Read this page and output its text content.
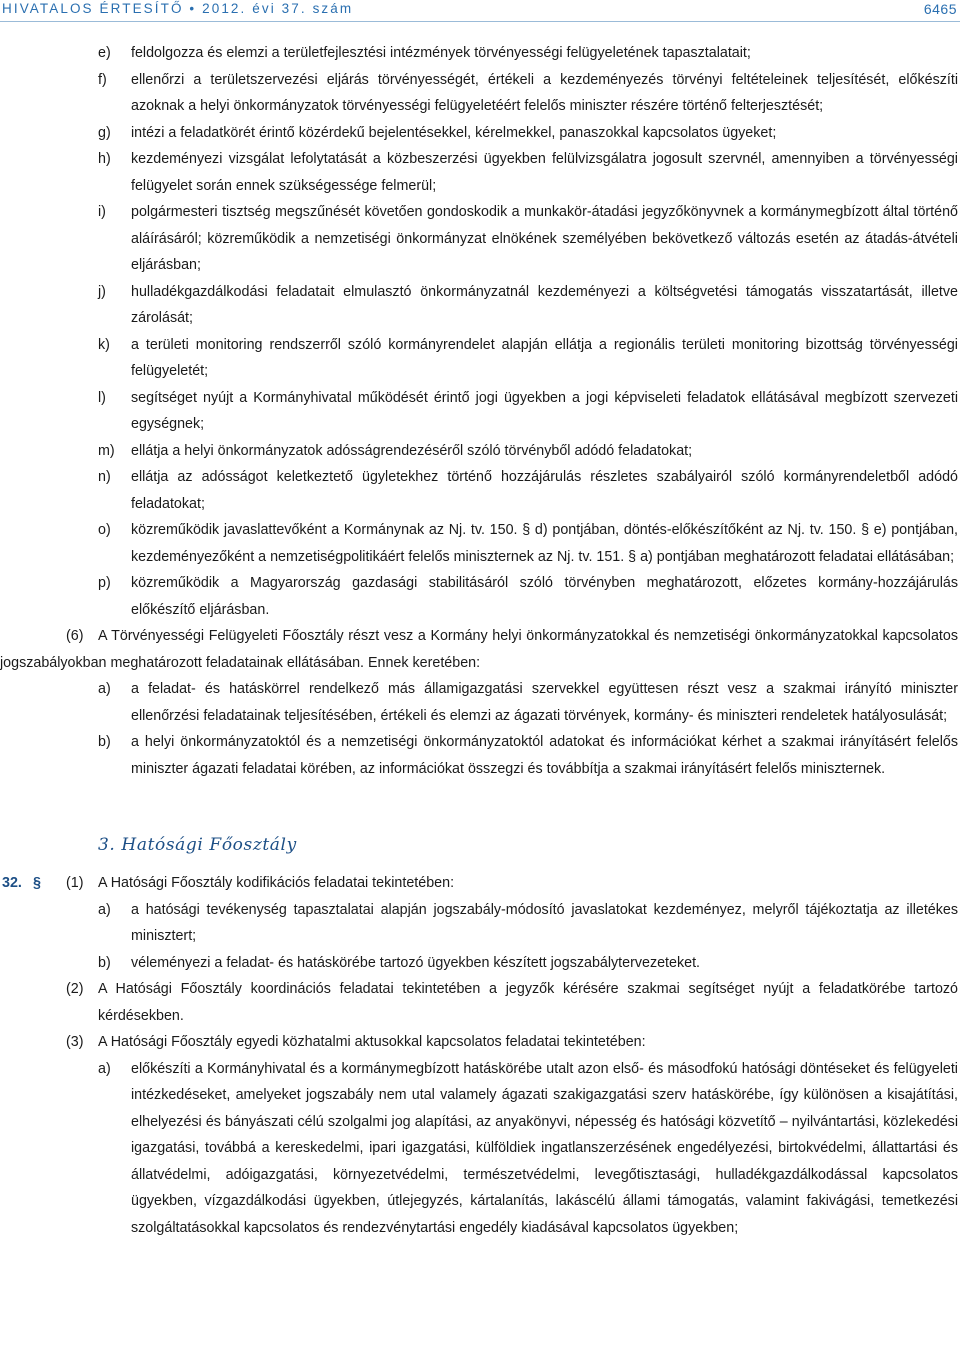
HIVATALOS ÉRTESÍTŐ • 2012. évi 37. szám	6465
e) feldolgozza és elemzi a területfejlesztési intézmények törvényességi felügyeletének tapasztalatait;
f) ellenőrzi a területszervezési eljárás törvényességét, értékeli a kezdeményezés törvényi feltételeinek teljesítését, előkészíti azoknak a helyi önkormányzatok törvényességi felügyeletéért felelős miniszter részére történő felterjesztését;
g) intézi a feladatkörét érintő közérdekű bejelentésekkel, kérelmekkel, panaszokkal kapcsolatos ügyeket;
h) kezdeményezi vizsgálat lefolytatását a közbeszerzési ügyekben felülvizsgálatra jogosult szervnél, amennyiben a törvényességi felügyelet során ennek szükségessége felmerül;
i) polgármesteri tisztség megszűnését követően gondoskodik a munkakör-átadási jegyzőkönyvnek a kormánymegbízott által történő aláírásáról; közreműködik a nemzetiségi önkormányzat elnökének személyében bekövetkező változás esetén az átadás-átvételi eljárásban;
j) hulladékgazdálkodási feladatait elmulasztó önkormányzatnál kezdeményezi a költségvetési támogatás visszatartását, illetve zárolását;
k) a területi monitoring rendszerről szóló kormányrendelet alapján ellátja a regionális területi monitoring bizottság törvényességi felügyeletét;
l) segítséget nyújt a Kormányhivatal működését érintő jogi ügyekben a jogi képviseleti feladatok ellátásával megbízott szervezeti egységnek;
m) ellátja a helyi önkormányzatok adósságrendezéséről szóló törvényből adódó feladatokat;
n) ellátja az adósságot keletkeztető ügyletekhez történő hozzájárulás részletes szabályairól szóló kormányrendeletből adódó feladatokat;
o) közreműködik javaslattevőként a Kormánynak az Nj. tv. 150. § d) pontjában, döntés-előkészítőként az Nj. tv. 150. § e) pontjában, kezdeményezőként a nemzetiségpolitikáért felelős miniszternek az Nj. tv. 151. § a) pontjában meghatározott feladatai ellátásában;
p) közreműködik a Magyarország gazdasági stabilitásáról szóló törvényben meghatározott, előzetes kormány-hozzájárulás előkészítő eljárásban.
(6)	A Törvényességi Felügyeleti Főosztály részt vesz a Kormány helyi önkormányzatokkal és nemzetiségi önkormányzatokkal kapcsolatos jogszabályokban meghatározott feladatainak ellátásában. Ennek keretében:
a) a feladat- és hatáskörrel rendelkező más államigazgatási szervekkel együttesen részt vesz a szakmai irányító miniszter ellenőrzési feladatainak teljesítésében, értékeli és elemzi az ágazati törvények, kormány- és miniszteri rendeletek hatályosulását;
b) a helyi önkormányzatoktól és a nemzetiségi önkormányzatoktól adatokat és információkat kérhet a szakmai irányításért felelős miniszter ágazati feladatai körében, az információkat összegzi és továbbítja a szakmai irányításért felelős miniszternek.
3. Hatósági Főosztály
32. § (1) A Hatósági Főosztály kodifikációs feladatai tekintetében:
a) a hatósági tevékenység tapasztalatai alapján jogszabály-módosító javaslatokat kezdeményez, melyről tájékoztatja az illetékes minisztert;
b) véleményezi a feladat- és hatáskörébe tartozó ügyekben készített jogszabálytervezeteket.
(2) A Hatósági Főosztály koordinációs feladatai tekintetében a jegyzők kérésére szakmai segítséget nyújt a feladatkörébe tartozó kérdésekben.
(3) A Hatósági Főosztály egyedi közhatalmi aktusokkal kapcsolatos feladatai tekintetében:
a) előkészíti a Kormányhivatal és a kormánymegbízott hatáskörébe utalt azon első- és másodfokú hatósági döntéseket és felügyeleti intézkedéseket, amelyeket jogszabály nem utal valamely ágazati szakigazgatási szerv hatáskörébe, így különösen a kisajátítási, elhelyezési és bányászati célú szolgalmi jog alapítási, az anyakönyvi, népesség és hatósági közvetítő – nyilvántartási, közlekedési igazgatási, továbbá a kereskedelmi, ipari igazgatási, külföldiek ingatlanszerzésének engedélyezési, birtokvédelmi, állattartási és állatvédelmi, adóigazgatási, környezetvédelmi, természetvédelmi, levegőtisztasági, hulladékgazdálkodással kapcsolatos ügyekben, vízgazdálkodási ügyekben, útlejegyzés, kártalanítás, lakáscélú állami támogatás, valamint fakivágási, temetkezési szolgáltatásokkal kapcsolatos és rendezvénytartási engedély kiadásával kapcsolatos ügyekben;
